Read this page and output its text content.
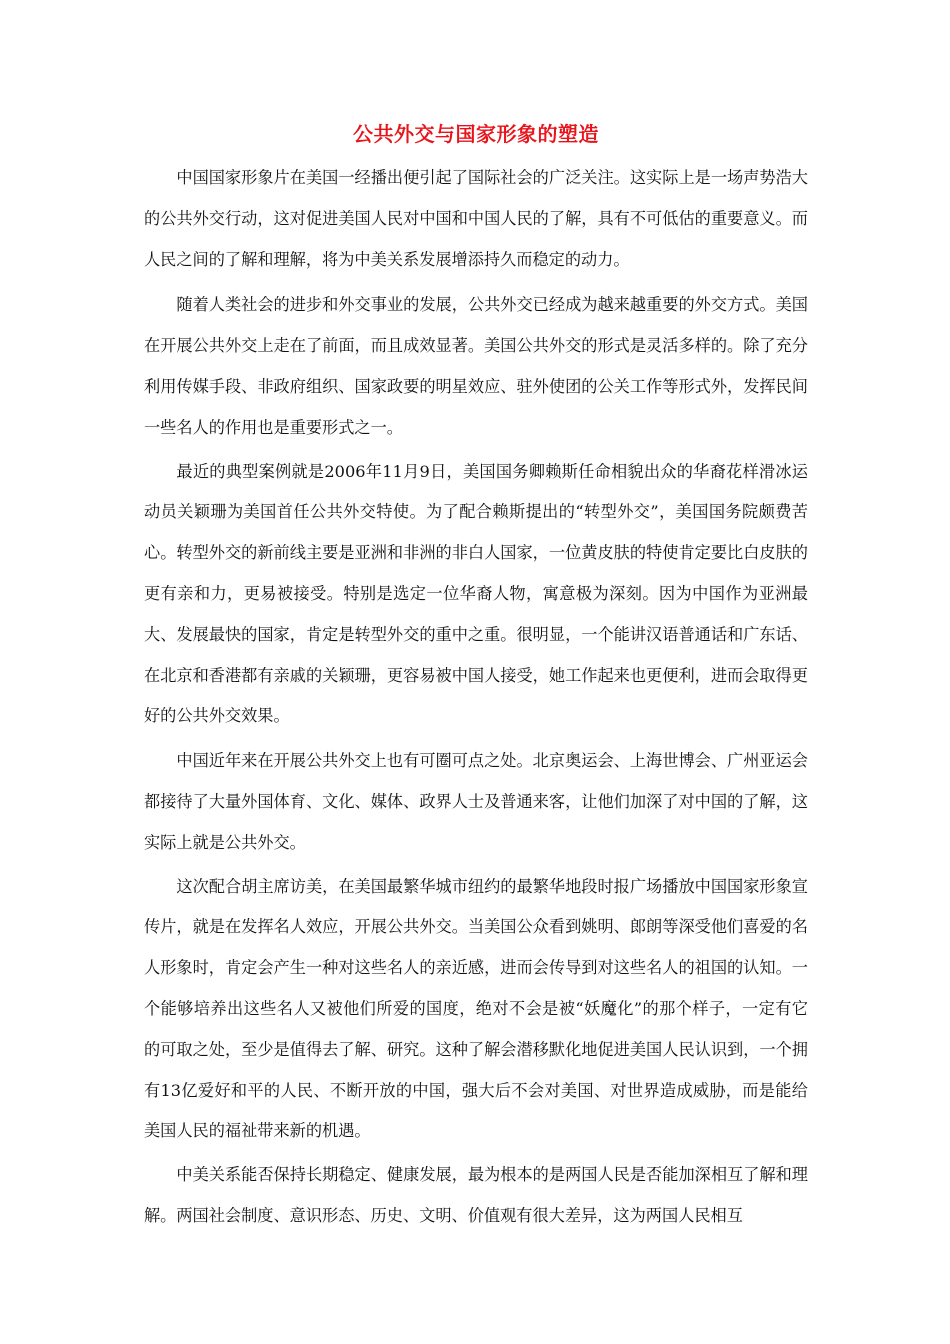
公共外交与国家形象的塑造

中国国家形象片在美国一经播出便引起了国际社会的广泛关注。这实际上是一场声势浩大的公共外交行动，这对促进美国人民对中国和中国人民的了解，具有不可低估的重要意义。而人民之间的了解和理解，将为中美关系发展增添持久而稳定的动力。

随着人类社会的进步和外交事业的发展，公共外交已经成为越来越重要的外交方式。美国在开展公共外交上走在了前面，而且成效显著。美国公共外交的形式是灵活多样的。除了充分利用传媒手段、非政府组织、国家政要的明星效应、驻外使团的公关工作等形式外，发挥民间一些名人的作用也是重要形式之一。

最近的典型案例就是2006年11月9日，美国国务卿赖斯任命相貌出众的华裔花样滑冰运动员关颖珊为美国首任公共外交特使。为了配合赖斯提出的“转型外交”，美国国务院颇费苦心。转型外交的新前线主要是亚洲和非洲的非白人国家，一位黄皮肤的特使肯定要比白皮肤的更有亲和力，更易被接受。特别是选定一位华裔人物，寓意极为深刻。因为中国作为亚洲最大、发展最快的国家，肯定是转型外交的重中之重。很明显，一个能讲汉语普通话和广东话、在北京和香港都有亲戚的关颖珊，更容易被中国人接受，她工作起来也更便利，进而会取得更好的公共外交效果。

中国近年来在开展公共外交上也有可圈可点之处。北京奥运会、上海世博会、广州亚运会都接待了大量外国体育、文化、媒体、政界人士及普通来客，让他们加深了对中国的了解，这实际上就是公共外交。

这次配合胡主席访美，在美国最繁华城市纽约的最繁华地段时报广场播放中国国家形象宣传片，就是在发挥名人效应，开展公共外交。当美国公众看到姚明、郎朗等深受他们喜爱的名人形象时，肯定会产生一种对这些名人的亲近感，进而会传导到对这些名人的祖国的认知。一个能够培养出这些名人又被他们所爱的国度，绝对不会是被“妖魔化”的那个样子，一定有它的可取之处，至少是值得去了解、研究。这种了解会潜移默化地促进美国人民认识到，一个拥有13亿爱好和平的人民、不断开放的中国，强大后不会对美国、对世界造成威胁，而是能给美国人民的福祉带来新的机遇。

中美关系能否保持长期稳定、健康发展，最为根本的是两国人民是否能加深相互了解和理解。两国社会制度、意识形态、历史、文明、价值观有很大差异，这为两国人民相互
